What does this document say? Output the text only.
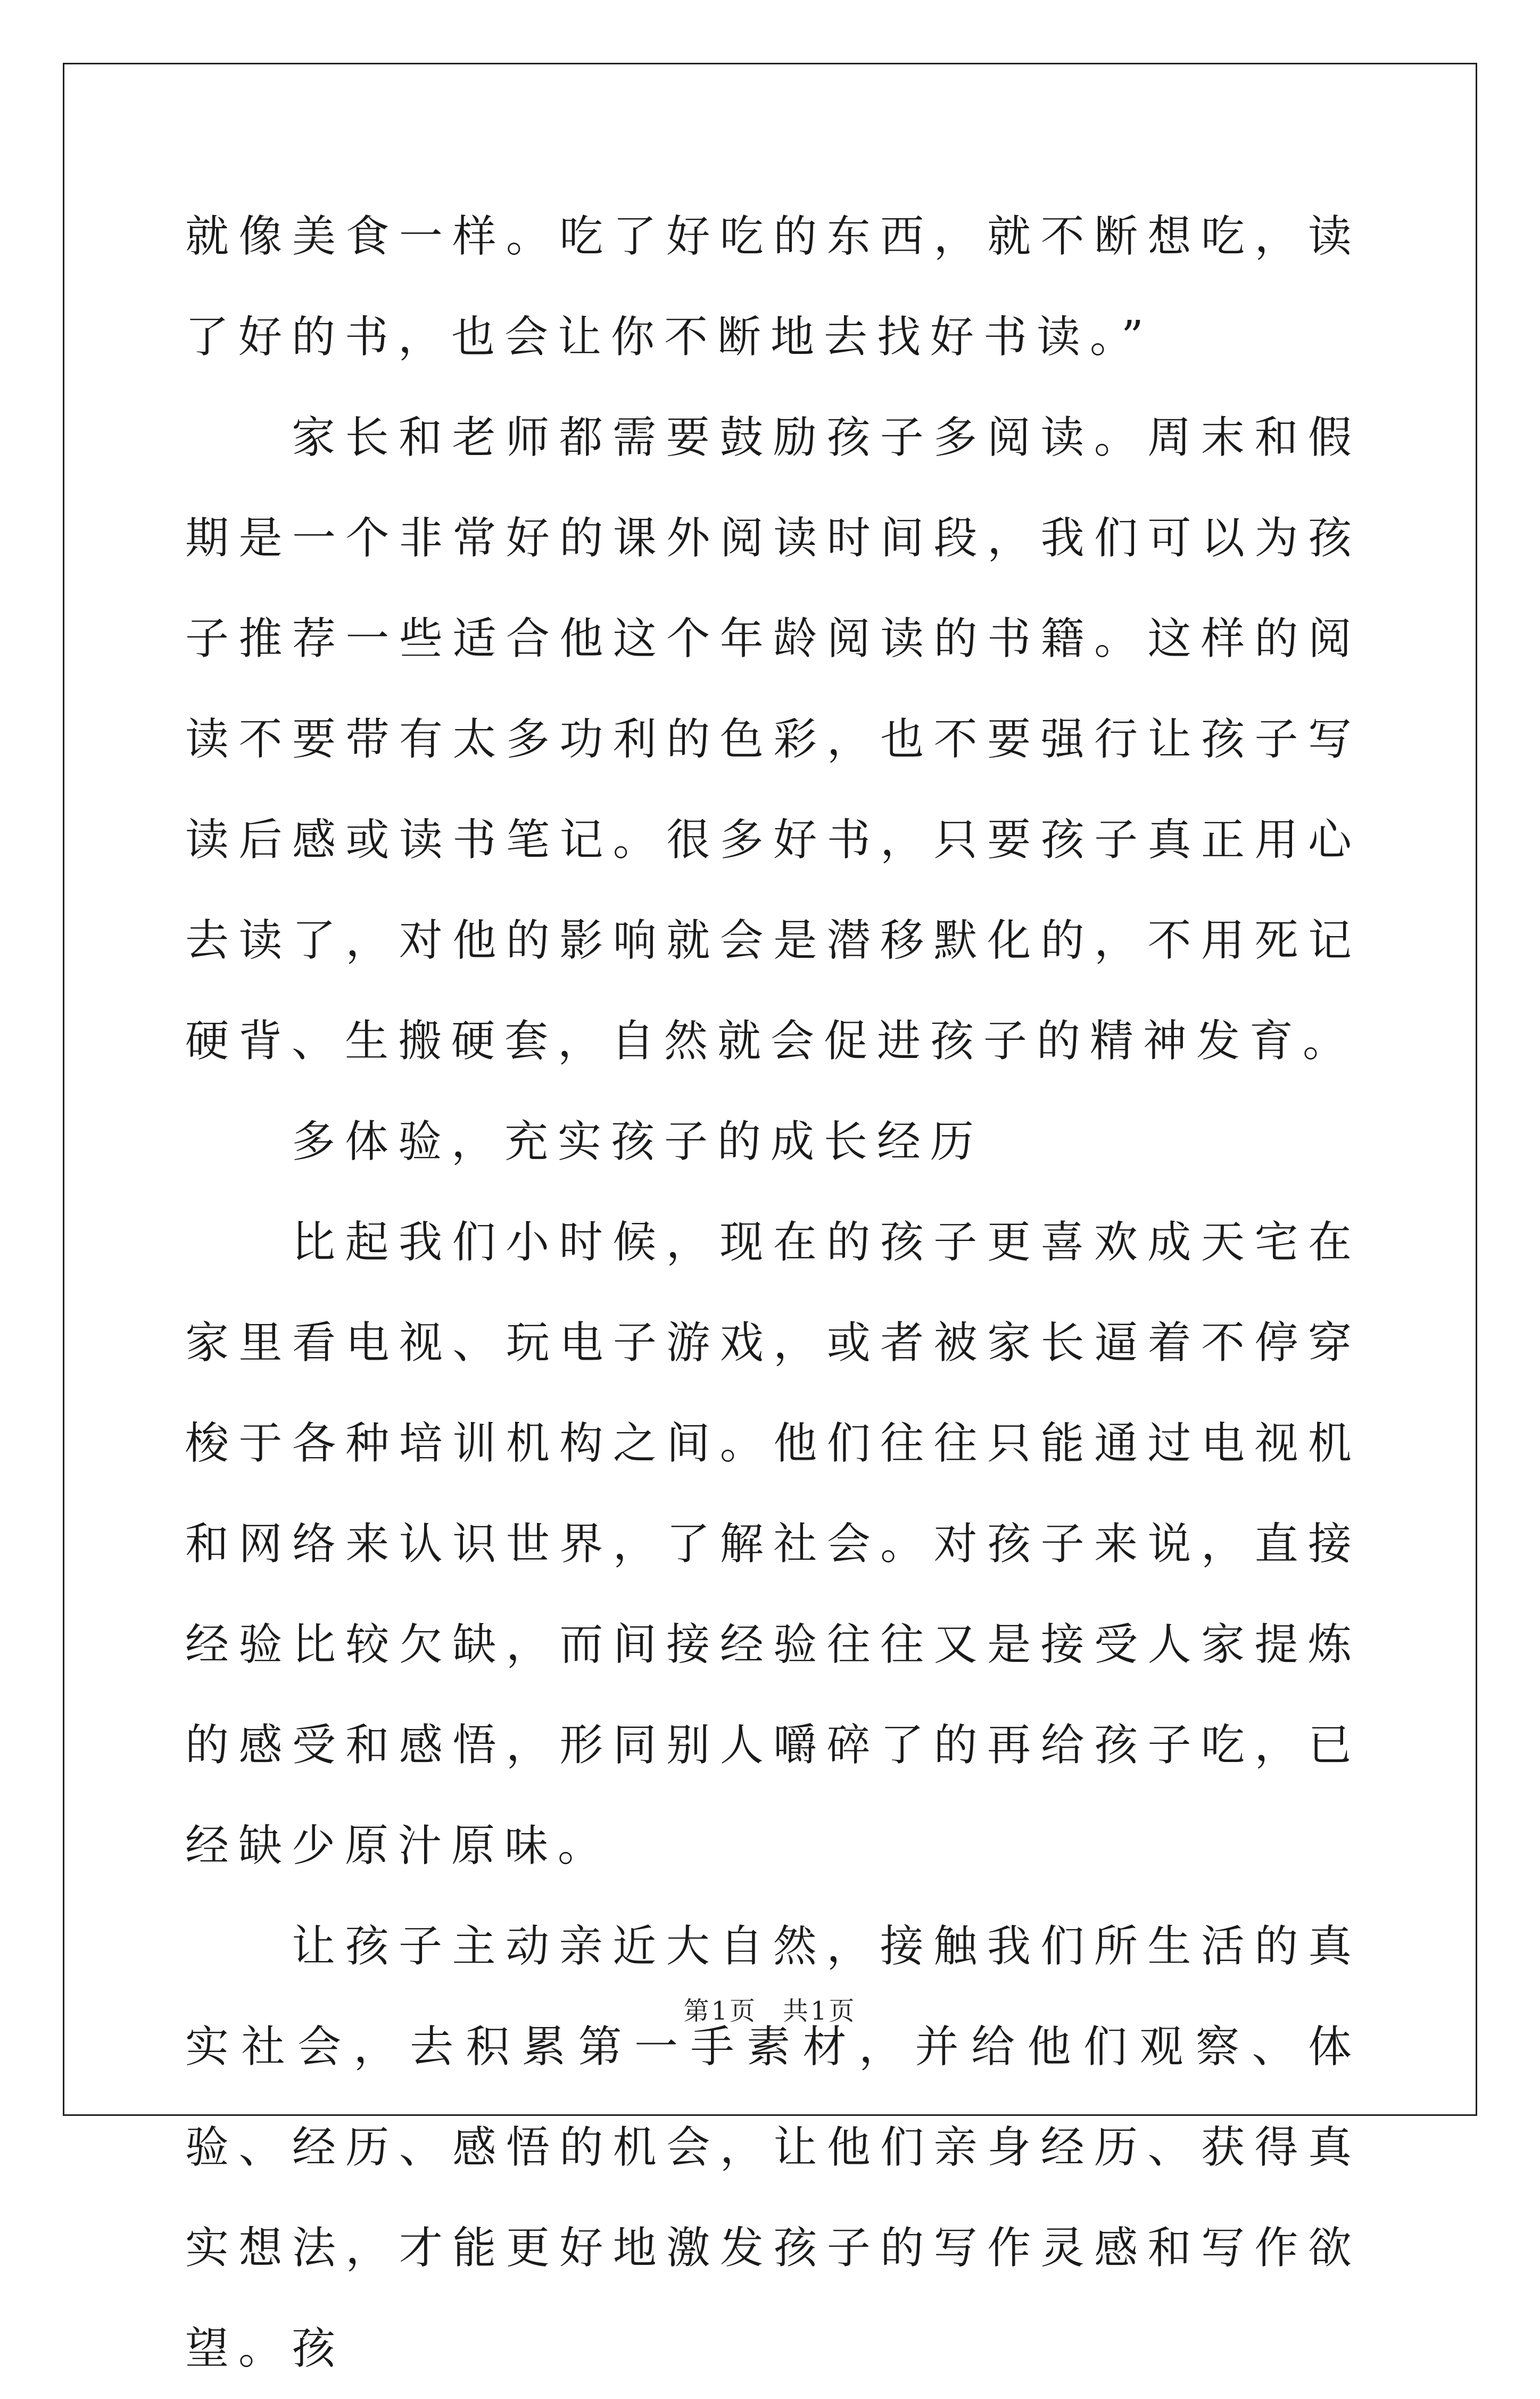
就像美食一样。吃了好吃的东西，就不断想吃，读了好的书，也会让你不断地去找好书读。”

家长和老师都需要鼓励孩子多阅读。周末和假期是一个非常好的课外阅读时间段，我们可以为孩子推荐一些适合他这个年龄阅读的书籍。这样的阅读不要带有太多功利的色彩，也不要强行让孩子写读后感或读书笔记。很多好书，只要孩子真正用心去读了，对他的影响就会是潜移默化的，不用死记硬背、生搬硬套，自然就会促进孩子的精神发育。

多体验，充实孩子的成长经历

比起我们小时候，现在的孩子更喜欢成天宅在家里看电视、玩电子游戏，或者被家长逼着不停穿梭于各种培训机构之间。他们往往只能通过电视机和网络来认识世界，了解社会。对孩子来说，直接经验比较欠缺，而间接经验往往又是接受人家提炼的感受和感悟，形同别人嚼碎了的再给孩子吃，已经缺少原汁原味。

让孩子主动亲近大自然，接触我们所生活的真实社会，去积累第一手素材，并给他们观察、体验、经历、感悟的机会，让他们亲身经历、获得真实想法，才能更好地激发孩子的写作灵感和写作欲望。孩

第1页 共1页
